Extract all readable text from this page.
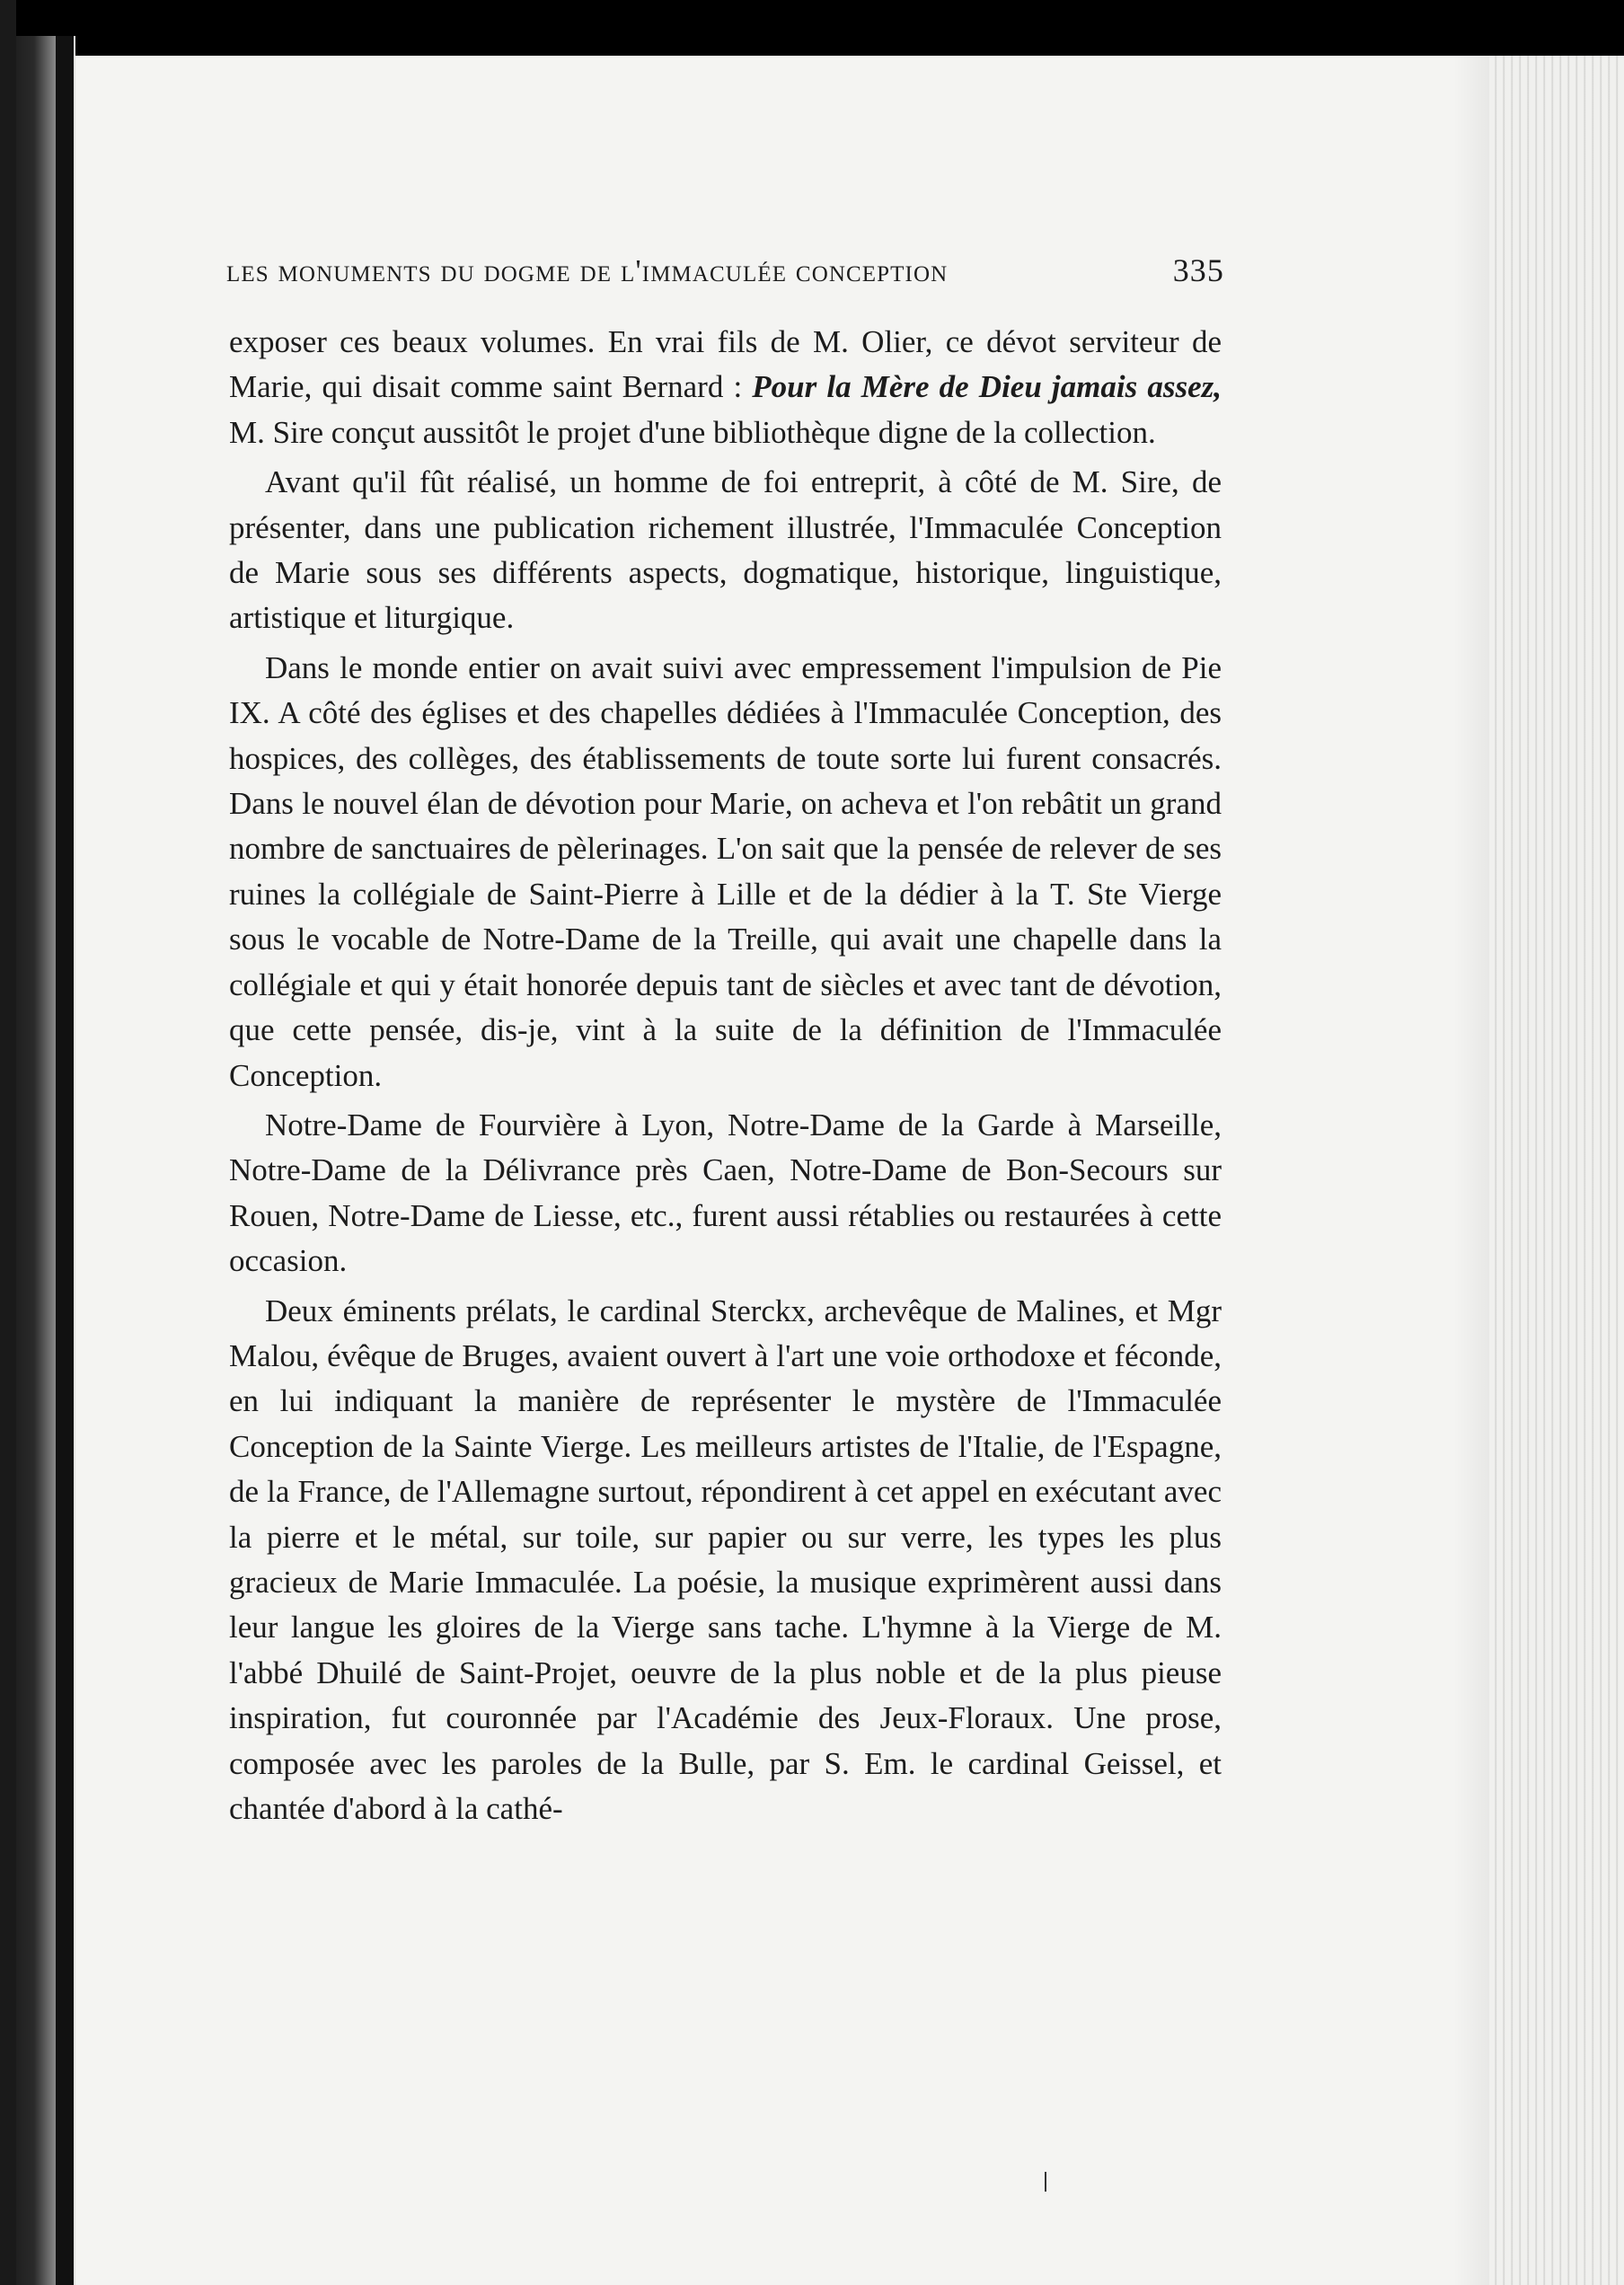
les monuments du dogme de l'immaculée conception	335

exposer ces beaux volumes. En vrai fils de M. Olier, ce dévot serviteur de Marie, qui disait comme saint Bernard : Pour la Mère de Dieu jamais assez, M. Sire conçut aussitôt le projet d'une bibliothèque digne de la collection.

Avant qu'il fût réalisé, un homme de foi entreprit, à côté de M. Sire, de présenter, dans une publication richement illustrée, l'Immaculée Conception de Marie sous ses différents aspects, dogmatique, historique, linguistique, artistique et liturgique.

Dans le monde entier on avait suivi avec empressement l'impulsion de Pie IX. A côté des églises et des chapelles dédiées à l'Immaculée Conception, des hospices, des collèges, des établissements de toute sorte lui furent consacrés. Dans le nouvel élan de dévotion pour Marie, on acheva et l'on rebâtit un grand nombre de sanctuaires de pèlerinages. L'on sait que la pensée de relever de ses ruines la collégiale de Saint-Pierre à Lille et de la dédier à la T. Ste Vierge sous le vocable de Notre-Dame de la Treille, qui avait une chapelle dans la collégiale et qui y était honorée depuis tant de siècles et avec tant de dévotion, que cette pensée, dis-je, vint à la suite de la définition de l'Immaculée Conception.

Notre-Dame de Fourvière à Lyon, Notre-Dame de la Garde à Marseille, Notre-Dame de la Délivrance près Caen, Notre-Dame de Bon-Secours sur Rouen, Notre-Dame de Liesse, etc., furent aussi rétablies ou restaurées à cette occasion.

Deux éminents prélats, le cardinal Sterckx, archevêque de Malines, et Mgr Malou, évêque de Bruges, avaient ouvert à l'art une voie orthodoxe et féconde, en lui indiquant la manière de représenter le mystère de l'Immaculée Conception de la Sainte Vierge. Les meilleurs artistes de l'Italie, de l'Espagne, de la France, de l'Allemagne surtout, répondirent à cet appel en exécutant avec la pierre et le métal, sur toile, sur papier ou sur verre, les types les plus gracieux de Marie Immaculée. La poésie, la musique exprimèrent aussi dans leur langue les gloires de la Vierge sans tache. L'hymne à la Vierge de M. l'abbé Dhuilé de Saint-Projet, oeuvre de la plus noble et de la plus pieuse inspiration, fut couronnée par l'Académie des Jeux-Floraux. Une prose, composée avec les paroles de la Bulle, par S. Em. le cardinal Geissel, et chantée d'abord à la cathé-
